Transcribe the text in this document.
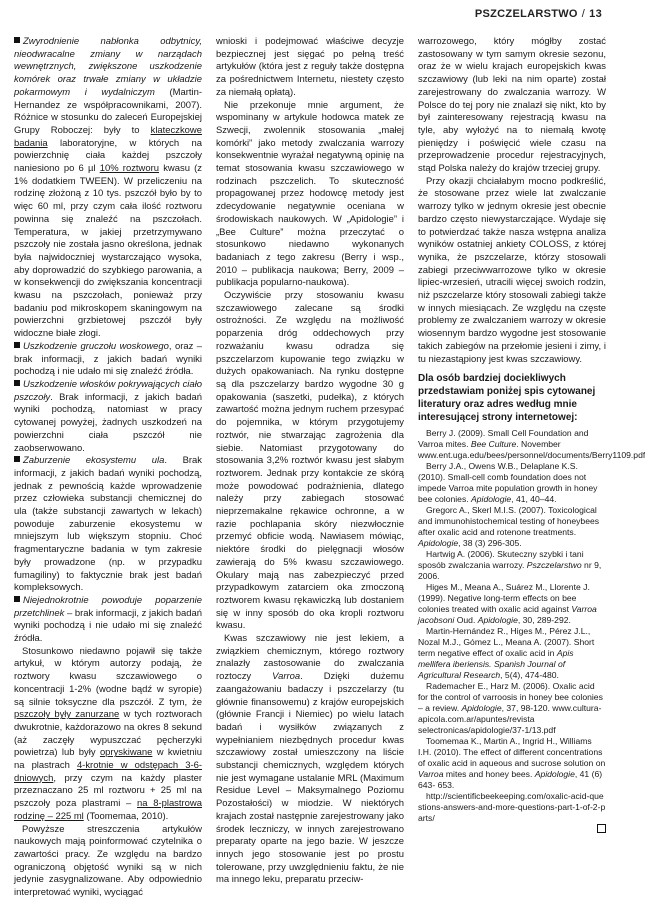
PSZCZELARSTWO / 13

Zwyrodnienie nabłonka odbytnicy, nieodwracalne zmiany w narządach wewnętrznych, zwiększone uszkodzenie komórek oraz trwałe zmiany w układzie pokarmowym i wydalniczym (Martin-Hernandez ze współpracownikami, 2007). Różnice w stosunku do zaleceń Europejskiej Grupy Roboczej: były to klateczkowe badania laboratoryjne, w których na powierzchnię ciała każdej pszczoły naniesiono po 6 µl 10% roztworu kwasu (z 1% dodatkiem TWEEN). W przeliczeniu na rodzinę złożoną z 10 tys. pszczół było by to więc 60 ml, przy czym cała ilość roztworu powinna się znaleźć na pszczołach. Temperatura, w jakiej przetrzymywano pszczoły nie została jasno określona, jednak była najwidoczniej wystarczająco wysoka, aby doprowadzić do szybkiego parowania, a w konsekwencji do zwiększania koncentracji kwasu na pszczołach, ponieważ przy badaniu pod mikroskopem skaningowym na powierzchni grzbietowej pszczół były widoczne białe złogi.

Uszkodzenie gruczołu woskowego, oraz – brak informacji, z jakich badań wyniki pochodzą i nie udało mi się znaleźć źródła.

Uszkodzenie włosków pokrywających ciało pszczoły. Brak informacji, z jakich badań wyniki pochodzą, natomiast w pracy cytowanej powyżej, żadnych uszkodzeń na powierzchni ciała pszczół nie zaobserwowano.

Zaburzenie ekosystemu ula. Brak informacji, z jakich badań wyniki pochodzą, jednak z pewnością każde wprowadzenie przez człowieka substancji chemicznej do ula (także substancji zawartych w lekach) powoduje zaburzenie ekosystemu w mniejszym lub większym stopniu. Choć fragmentaryczne badania w tym zakresie były prowadzone (np. w przypadku fumagiliny) to faktycznie brak jest badań kompleksowych.

Niejednokrotnie powoduje poparzenie przetchlinek – brak informacji, z jakich badań wyniki pochodzą i nie udało mi się znaleźć źródła.

Stosunkowo niedawno pojawił się także artykuł, w którym autorzy podają, że roztwory kwasu szczawiowego o koncentracji 1-2% (wodne bądź w syropie) są silnie toksyczne dla pszczół. Z tym, że pszczoły były zanurzane w tych roztworach dwukrotnie, każdorazowo na okres 8 sekund (aż zaczęły wypuszczać pęcherzyki powietrza) lub były opryskiwane w kwietniu na plastrach 4-krotnie w odstępach 3-6-dniowych, przy czym na każdy plaster przeznaczano 25 ml roztworu + 25 ml na pszczoły poza plastrami – na 8-plastrowa rodzinę – 225 ml (Toomemaa, 2010).

Powyższe streszczenia artykułów naukowych mają poinformować czytelnika o zawartości pracy. Ze względu na bardzo ograniczoną objętość wyniki są w nich jedynie zasygnalizowane. Aby odpowiednio interpretować wyniki, wyciągać

wnioski i podejmować właściwe decyzje bezpiecznej jest sięgać po pełną treść artykułów (która jest z reguły także dostępna za pośrednictwem Internetu, niestety często za niemałą opłatą).

Nie przekonuje mnie argument, że wspominany w artykule hodowca matek ze Szwecji, zwolennik stosowania „małej komórki” jako metody zwalczania warrozy konsekwentnie wyrażał negatywną opinię na temat stosowania kwasu szczawiowego w rodzinach pszczelich. To skuteczność propagowanej przez hodowcę metody jest zdecydowanie negatywnie oceniana w środowiskach naukowych. W „Apidologie” i „Bee Culture” można przeczytać o stosunkowo niedawno wykonanych badaniach z tego zakresu (Berry i wsp., 2010 – publikacja naukowa; Berry, 2009 – publikacja popularno-naukowa).

Oczywiście przy stosowaniu kwasu szczawiowego zalecane są środki ostrożności. Ze względu na możliwość poparzenia dróg oddechowych przy rozważaniu kwasu odradza się pszczelarzom kupowanie tego związku w dużych opakowaniach. Na rynku dostępne są dla pszczelarzy bardzo wygodne 30 g opakowania (saszetki, pudełka), z których zawartość można jednym ruchem przesypać do pojemnika, w którym przygotujemy roztwór, nie stwarzając zagrożenia dla siebie. Natomiast przygotowany do stosowania 3,2% roztwór kwasu jest słabym roztworem. Jednak przy kontakcie ze skórą może powodować podrażnienia, dlatego należy przy zabiegach stosować nieprzemakalne rękawice ochronne, a w razie pochlapania skóry niezwłocznie przemyć obficie wodą. Nawiasem mówiąc, niektóre środki do pielęgnacji włosów zawierają do 5% kwasu szczawiowego. Okulary mają nas zabezpieczyć przed przypadkowym zatarciem oka zmoczoną roztworem kwasu rękawiczką lub dostaniem się w inny sposób do oka kropli roztworu kwasu.

Kwas szczawiowy nie jest lekiem, a związkiem chemicznym, którego roztwory znalazły zastosowanie do zwalczania roztoczy Varroa. Dzięki dużemu zaangażowaniu badaczy i pszczelarzy (tu głównie finansowemu) z krajów europejskich (głównie Francji i Niemiec) po wielu latach badań i wysiłków związanych z wypełnianiem niezbędnych procedur kwas szczawiowy został umieszczony na liście substancji chemicznych, względem których nie jest wymagane ustalanie MRL (Maximum Residue Level – Maksymalnego Poziomu Pozostałości) w miodzie. W niektórych krajach został następnie zarejestrowany jako środek leczniczy, w innych zarejestrowano preparaty oparte na jego bazie. W jeszcze innych jego stosowanie jest po prostu tolerowane, przy uwzględnieniu faktu, że nie ma innego leku, preparatu przeciw-

warrozowego, który mógłby zostać zastosowany w tym samym okresie sezonu, oraz że w wielu krajach europejskich kwas szczawiowy (lub leki na nim oparte) został zarejestrowany do zwalczania warrozy. W Polsce do tej pory nie znalazł się nikt, kto by był zainteresowany rejestracją kwasu na tyle, aby wyłożyć na to niemałą kwotę pieniędzy i poświęcić wiele czasu na przeprowadzenie procedur rejestracyjnych, stąd Polska należy do krajów trzeciej grupy.

Przy okazji chciałabym mocno podkreślić, że stosowane przez wiele lat zwalczanie warrozy tylko w jednym okresie jest obecnie bardzo często niewystarczające. Wydaje się to potwierdzać także nasza wstępna analiza wyników ostatniej ankiety COLOSS, z której wynika, że pszczelarze, którzy stosowali zabiegi przeciwwarrozowe tylko w okresie lipiec-wrzesień, utracili więcej swoich rodzin, niż pszczelarze który stosowali zabiegi także w innych miesiącach. Ze względu na częste problemy ze zwalczaniem warrozy w okresie wiosennym bardzo wygodne jest stosowanie takich zabiegów na przełomie jesieni i zimy, i tu niezastąpiony jest kwas szczawiowy.

Dla osób bardziej dociekliwych przedstawiam poniżej spis cytowanej literatury oraz adres według mnie interesującej strony internetowej:

Berry J. (2009). Small Cell Foundation and Varroa mites. Bee Culture. November www.ent.uga.edu/bees/personnel/documents/Berry1109.pdf

Berry J.A., Owens W.B., Delaplane K.S. (2010). Small-cell comb foundation does not impede Varroa mite population growth in honey bee colonies. Apidologie, 41, 40–44.

Gregorc A., Skerl M.I.S. (2007). Toxicological and immunohistochemical testing of honeybees after oxalic acid and rotenone treatments. Apidologie, 38 (3) 296-305.

Hartwig A. (2006). Skuteczny szybki i tani sposób zwalczania warrozy. Pszczelarstwo nr 9, 2006.

Higes M., Meana A., Suárez M., Llorente J. (1999). Negative long-term effects on bee colonies treated with oxalic acid against Varroa jacobsoni Oud. Apidologie, 30, 289-292.

Martin-Hernández R., Higes M., Pérez J.L., Nozal M.J., Gómez L., Meana A. (2007). Short term negative effect of oxalic acid in Apis mellifera iberiensis. Spanish Journal of Agricultural Research, 5(4), 474-480.

Rademacher E., Harz M. (2006). Oxalic acid for the control of varroosis in honey bee colonies – a review. Apidologie, 37, 98-120. www.cultura-apicola.com.ar/apuntes/revista selectronicas/apidologie/37-1/13.pdf

Toomemaa K., Martin A., Ingrid H., Williams I.H. (2010). The effect of different concentrations of oxalic acid in aqueous and sucrose solution on Varroa mites and honey bees. Apidologie, 41 (6) 643- 653.

http://scientificbeekeeping.com/oxalic-acid-questions-answers-and-more-questions-part-1-of-2-parts/
